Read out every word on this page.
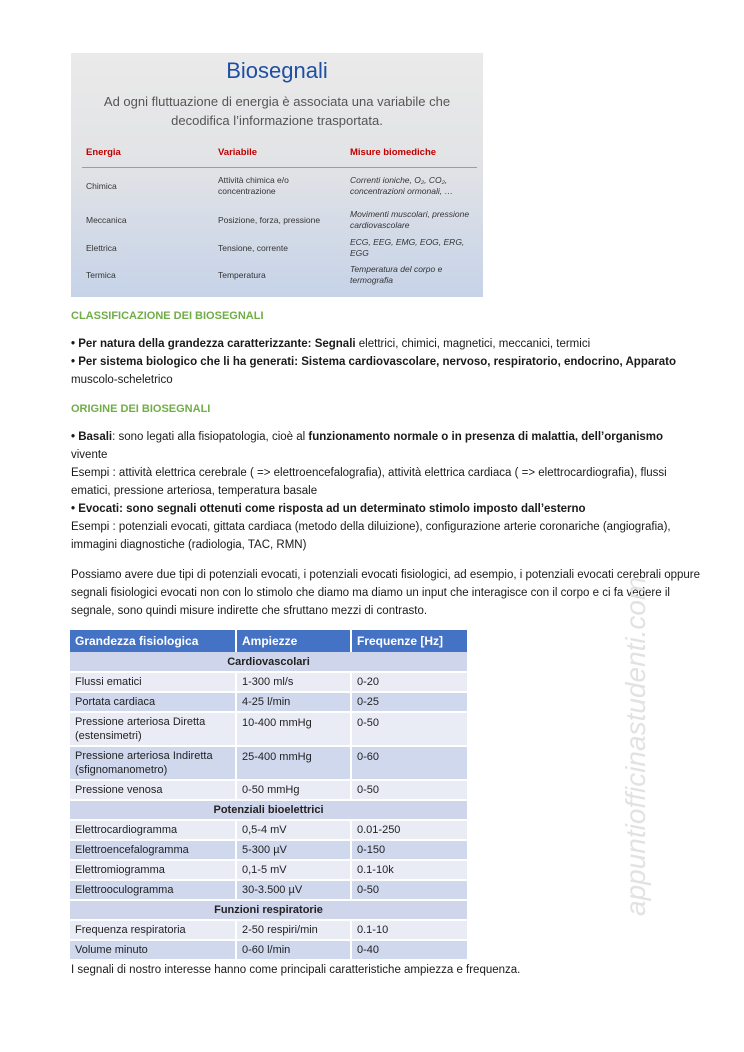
Biosegnali
Ad ogni fluttuazione di energia è associata una variabile che decodifica l’informazione trasportata.
Energia	Variabile	Misure biomediche
Chimica	Attività chimica e/o concentrazione	Correnti ioniche, O₂, CO₂, concentrazioni ormonali, …
Meccanica	Posizione, forza, pressione	Movimenti muscolari, pressione cardiovascolare
Elettrica	Tensione, corrente	ECG, EEG, EMG, EOG, ERG, EGG
Termica	Temperatura	Temperatura del corpo e termografia
CLASSIFICAZIONE DEI BIOSEGNALI
• Per natura della grandezza caratterizzante: Segnali elettrici, chimici, magnetici, meccanici, termici
• Per sistema biologico che li ha generati: Sistema cardiovascolare, nervoso, respiratorio, endocrino, Apparato
muscolo-scheletrico
ORIGINE DEI BIOSEGNALI
• Basali: sono legati alla fisiopatologia, cioè al funzionamento normale o in presenza di malattia, dell’organismo
vivente
Esempi : attività elettrica cerebrale ( => elettroencefalografia), attività elettrica cardiaca ( => elettrocardiografia), flussi ematici, pressione arteriosa, temperatura basale
• Evocati: sono segnali ottenuti come risposta ad un determinato stimolo imposto dall’esterno
Esempi : potenziali evocati, gittata cardiaca (metodo della diluizione), configurazione arterie coronariche (angiografia), immagini diagnostiche (radiologia, TAC, RMN)
Possiamo avere due tipi di potenziali evocati, i potenziali evocati fisiologici, ad esempio, i potenziali evocati cerebrali oppure segnali fisiologici evocati non con lo stimolo che diamo ma diamo un input che interagisce con il corpo e ci fa vedere il segnale, sono quindi misure indirette che sfruttano mezzi di contrasto.
Grandezza fisiologica	Ampiezze	Frequenze [Hz]
Cardiovascolari		
Flussi ematici	1-300 ml/s	0-20
Portata cardiaca	4-25 l/min	0-25
Pressione arteriosa Diretta (estensimetri)	10-400 mmHg	0-50
Pressione arteriosa Indiretta (sfignomanometro)	25-400 mmHg	0-60
Pressione venosa	0-50 mmHg	0-50
Potenziali bioelettrici		
Elettrocardiogramma	0,5-4 mV	0.01-250
Elettroencefalogramma	5-300 µV	0-150
Elettromiogramma	0,1-5 mV	0.1-10k
Elettrooculogramma	30-3.500 µV	0-50
Funzioni respiratorie		
Frequenza respiratoria	2-50 respiri/min	0.1-10
Volume minuto	0-60 l/min	0-40
I segnali di nostro interesse hanno come principali caratteristiche ampiezza e frequenza.
appuntiofficinastudenti.com
